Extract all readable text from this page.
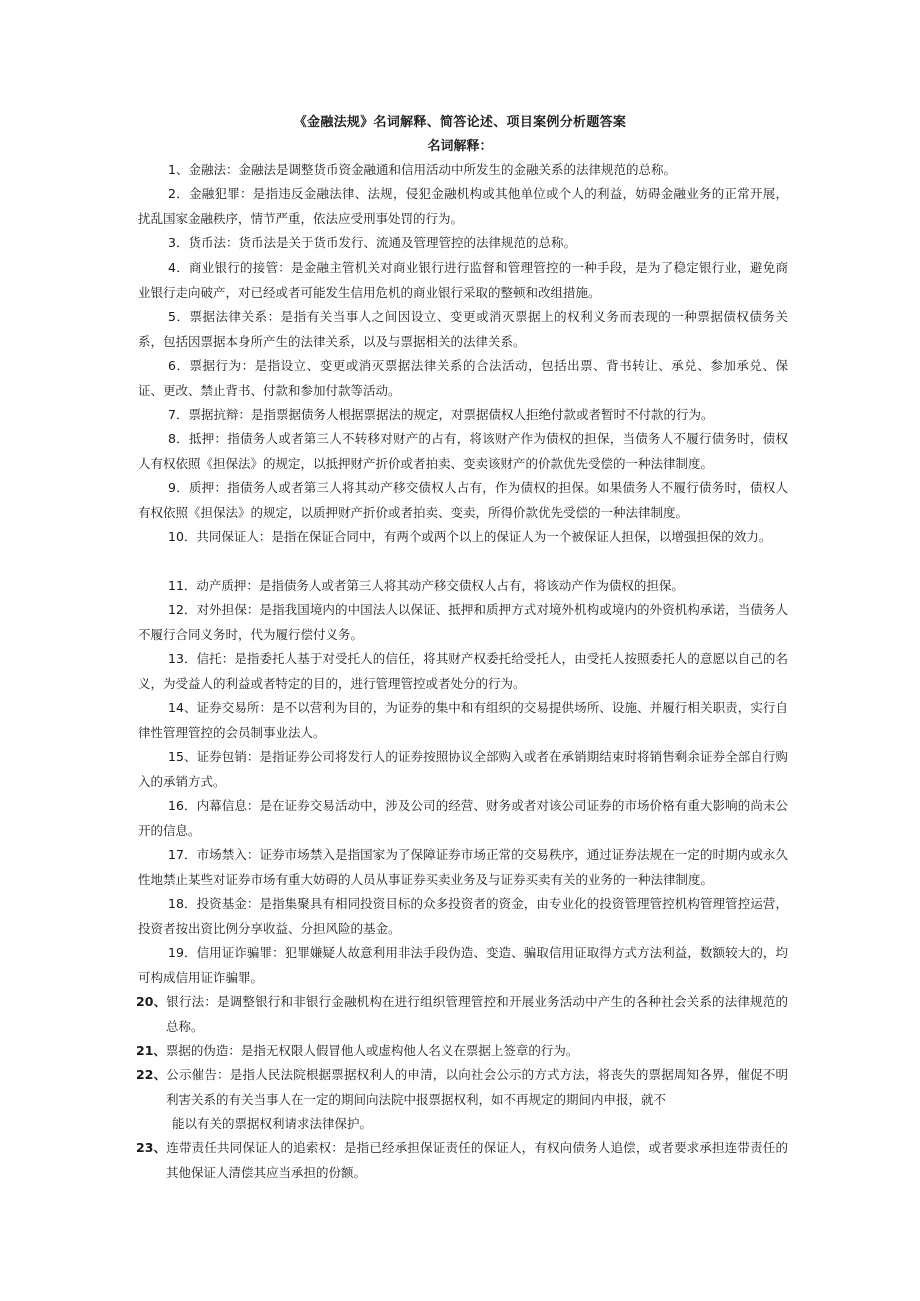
《金融法规》名词解释、简答论述、项目案例分析题答案
名词解释：
1、金融法：金融法是调整货币资金融通和信用活动中所发生的金融关系的法律规范的总称。
2．金融犯罪：是指违反金融法律、法规，侵犯金融机构或其他单位或个人的利益，妨碍金融业务的正常开展，扰乱国家金融秩序，情节严重，依法应受刑事处罚的行为。
3．货币法：货币法是关于货币发行、流通及管理管控的法律规范的总称。
4．商业银行的接管：是金融主管机关对商业银行进行监督和管理管控的一种手段，是为了稳定银行业，避免商业银行走向破产，对已经或者可能发生信用危机的商业银行采取的整顿和改组措施。
5．票据法律关系：是指有关当事人之间因设立、变更或消灭票据上的权利义务而表现的一种票据债权债务关系，包括因票据本身所产生的法律关系，以及与票据相关的法律关系。
6．票据行为：是指设立、变更或消灭票据法律关系的合法活动，包括出票、背书转让、承兑、参加承兑、保证、更改、禁止背书、付款和参加付款等活动。
7．票据抗辩：是指票据债务人根据票据法的规定，对票据债权人拒绝付款或者暂时不付款的行为。
8．抵押：指债务人或者第三人不转移对财产的占有，将该财产作为债权的担保，当债务人不履行债务时，债权人有权依照《担保法》的规定，以抵押财产折价或者拍卖、变卖该财产的价款优先受偿的一种法律制度。
9．质押：指债务人或者第三人将其动产移交债权人占有，作为债权的担保。如果债务人不履行债务时，债权人有权依照《担保法》的规定，以质押财产折价或者拍卖、变卖，所得价款优先受偿的一种法律制度。
10．共同保证人：是指在保证合同中，有两个或两个以上的保证人为一个被保证人担保，以增强担保的效力。
11．动产质押：是指债务人或者第三人将其动产移交债权人占有，将该动产作为债权的担保。
12．对外担保：是指我国境内的中国法人以保证、抵押和质押方式对境外机构或境内的外资机构承诺，当债务人不履行合同义务时，代为履行偿付义务。
13．信托：是指委托人基于对受托人的信任，将其财产权委托给受托人，由受托人按照委托人的意愿以自己的名义，为受益人的利益或者特定的目的，进行管理管控或者处分的行为。
14、证券交易所：是不以营利为目的，为证券的集中和有组织的交易提供场所、设施、并履行相关职责，实行自律性管理管控的会员制事业法人。
15、证券包销：是指证券公司将发行人的证券按照协议全部购入或者在承销期结束时将销售剩余证券全部自行购入的承销方式。
16．内幕信息：是在证券交易活动中，涉及公司的经营、财务或者对该公司证券的市场价格有重大影响的尚未公开的信息。
17．市场禁入：证券市场禁入是指国家为了保障证券市场正常的交易秩序，通过证券法规在一定的时期内或永久性地禁止某些对证券市场有重大妨碍的人员从事证券买卖业务及与证券买卖有关的业务的一种法律制度。
18．投资基金：是指集聚具有相同投资目标的众多投资者的资金，由专业化的投资管理管控机构管理管控运营，投资者按出资比例分享收益、分担风险的基金。
19．信用证诈骗罪：犯罪嫌疑人故意利用非法手段伪造、变造、骗取信用证取得方式方法利益，数额较大的，均可构成信用证诈骗罪。
20、银行法：是调整银行和非银行金融机构在进行组织管理管控和开展业务活动中产生的各种社会关系的法律规范的总称。
21、票据的伪造：是指无权限人假冒他人或虚构他人名义在票据上签章的行为。
22、公示催告：是指人民法院根据票据权利人的申清，以向社会公示的方式方法，将丧失的票据周知各界，催促不明利害关系的有关当事人在一定的期间向法院中报票据权利，如不再规定的期间内申报，就不
能以有关的票据权利请求法律保护。
23、连带责任共同保证人的追索权：是指已经承担保证责任的保证人，有权向债务人追偿，或者要求承担连带责任的其他保证人清偿其应当承担的份额。
